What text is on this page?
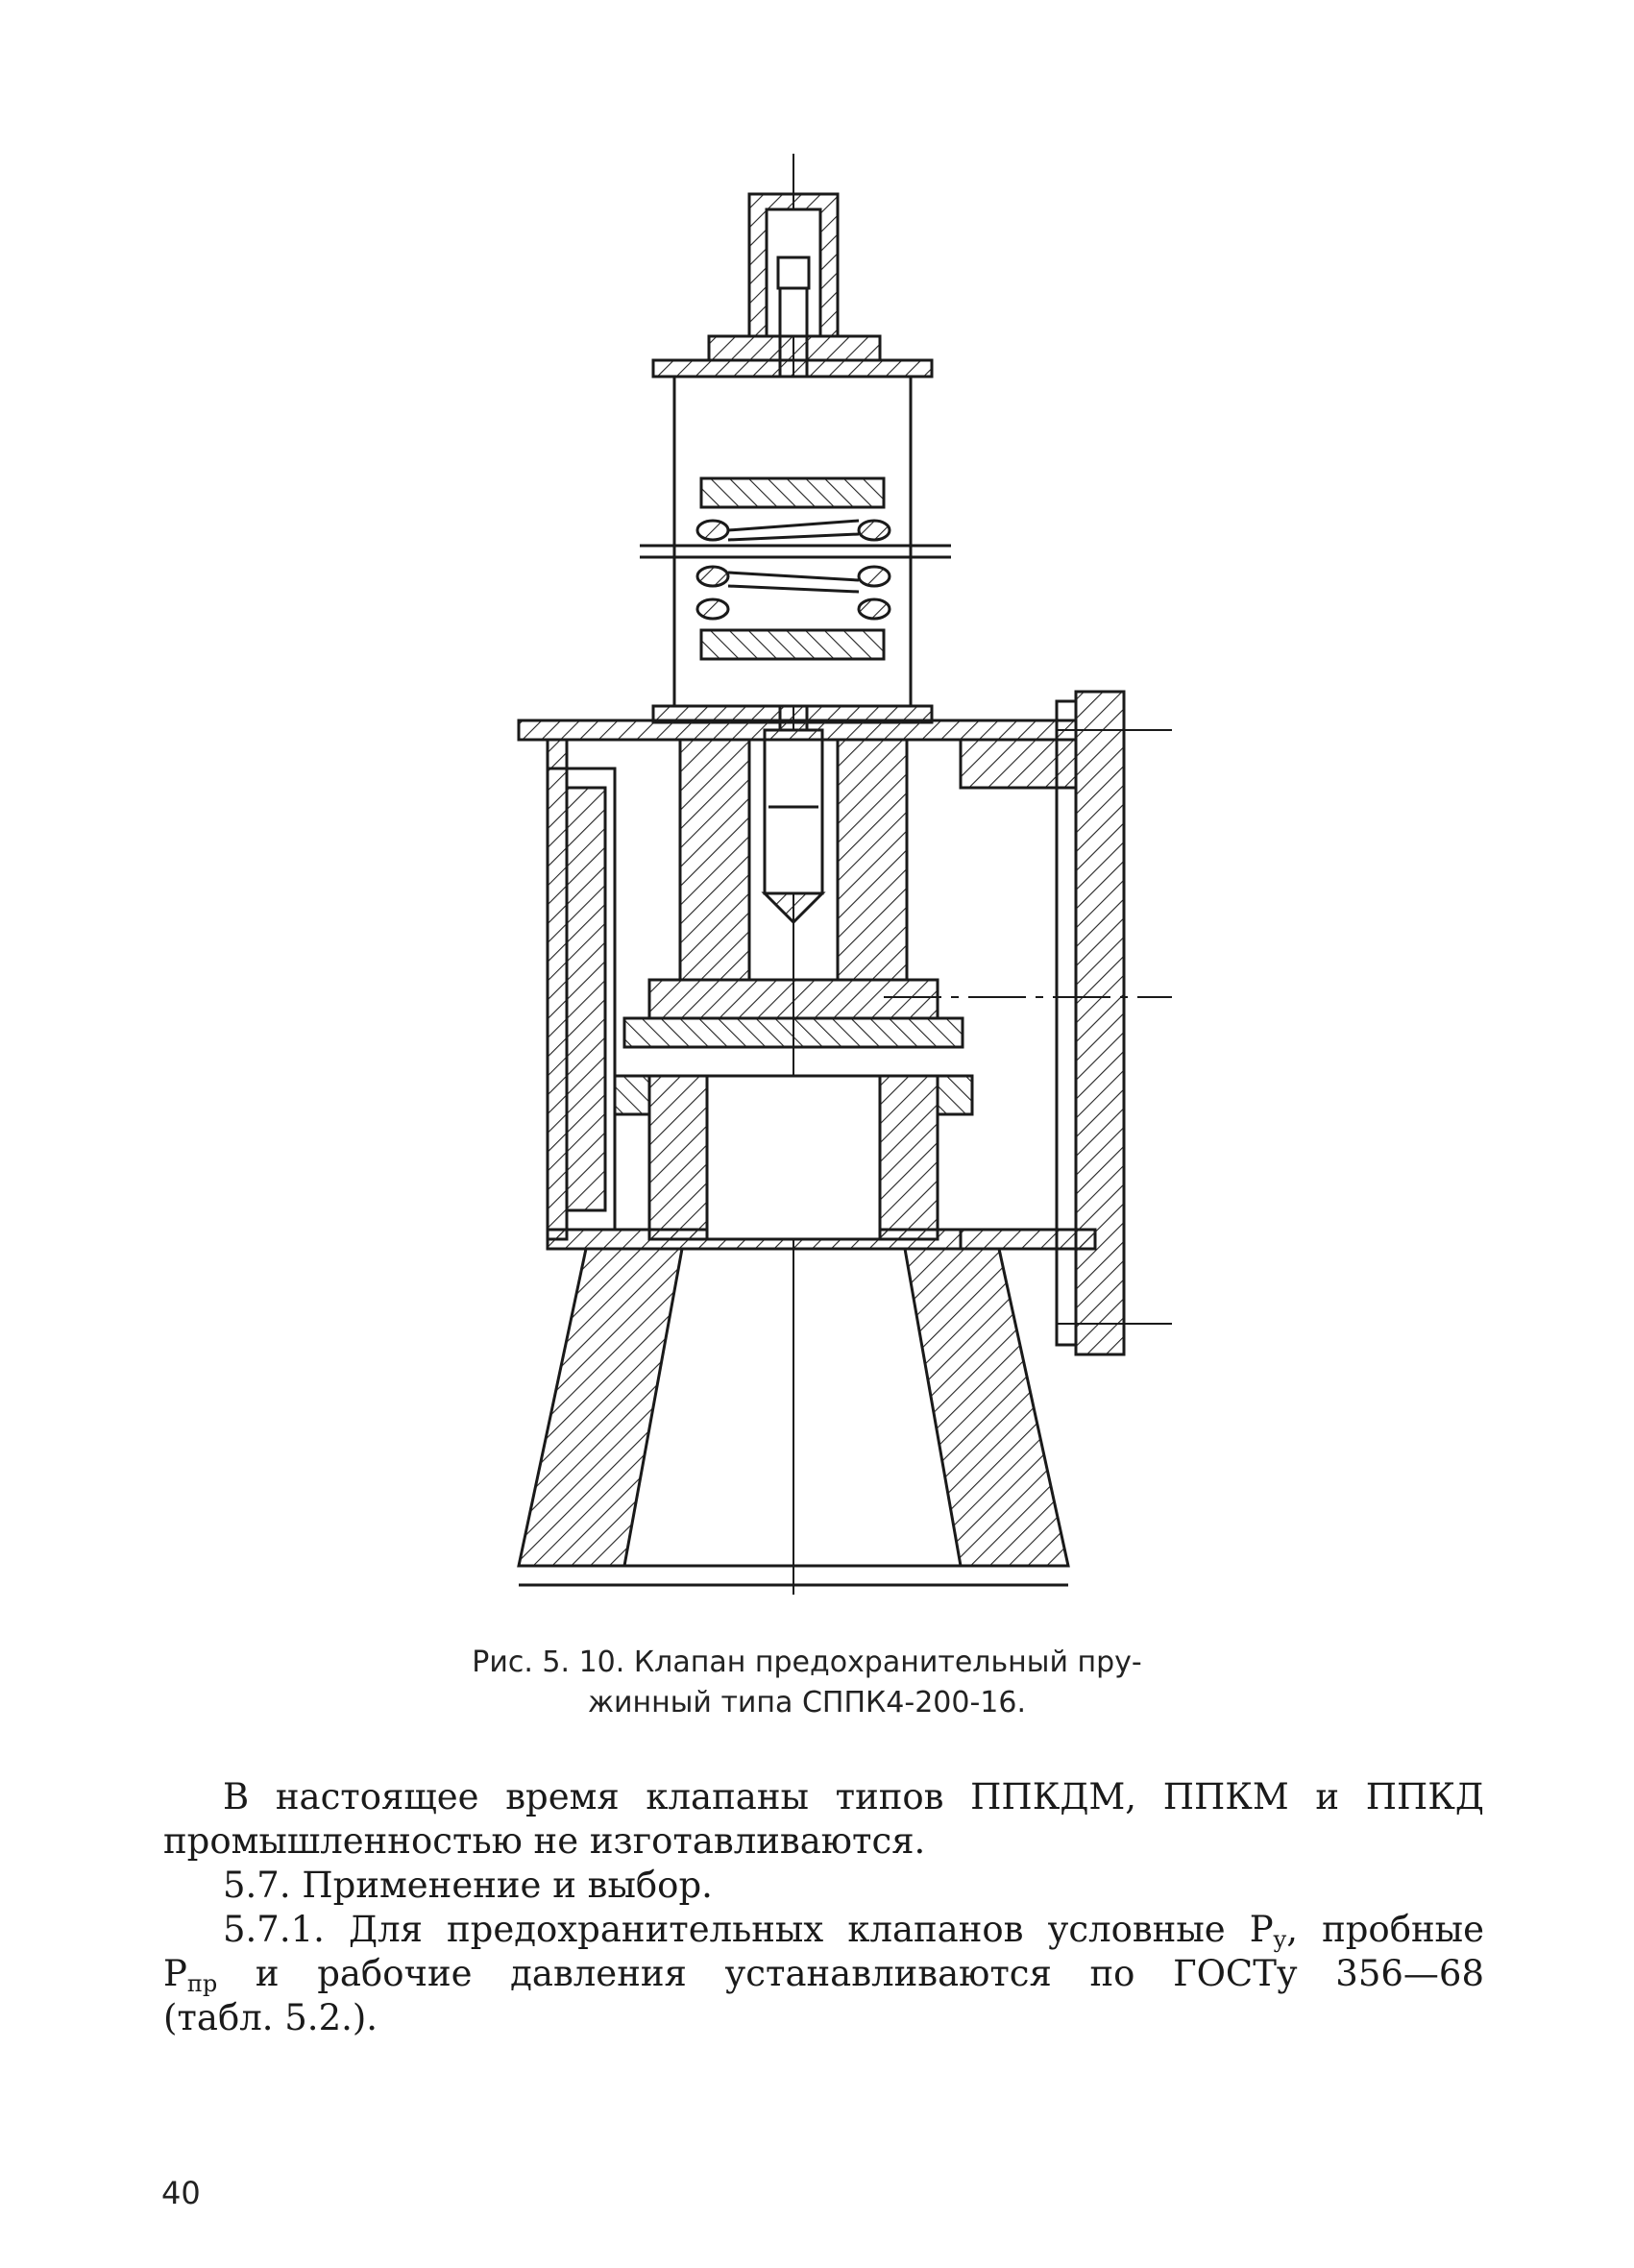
Рис. 5. 10. Клапан предохранительный пру-
жинный типа СППК4-200-16.

В настоящее время клапаны типов ППКДМ, ППКМ и ППКД

промышленностью не изготавливаются.

5.7. Применение и выбор.

5.7.1. Для предохранительных клапанов условные $P_y$, пробные

$P_{пр}$ и рабочие давления устанавливаются по ГОСТу 356—68

(табл. 5.2.).

40
